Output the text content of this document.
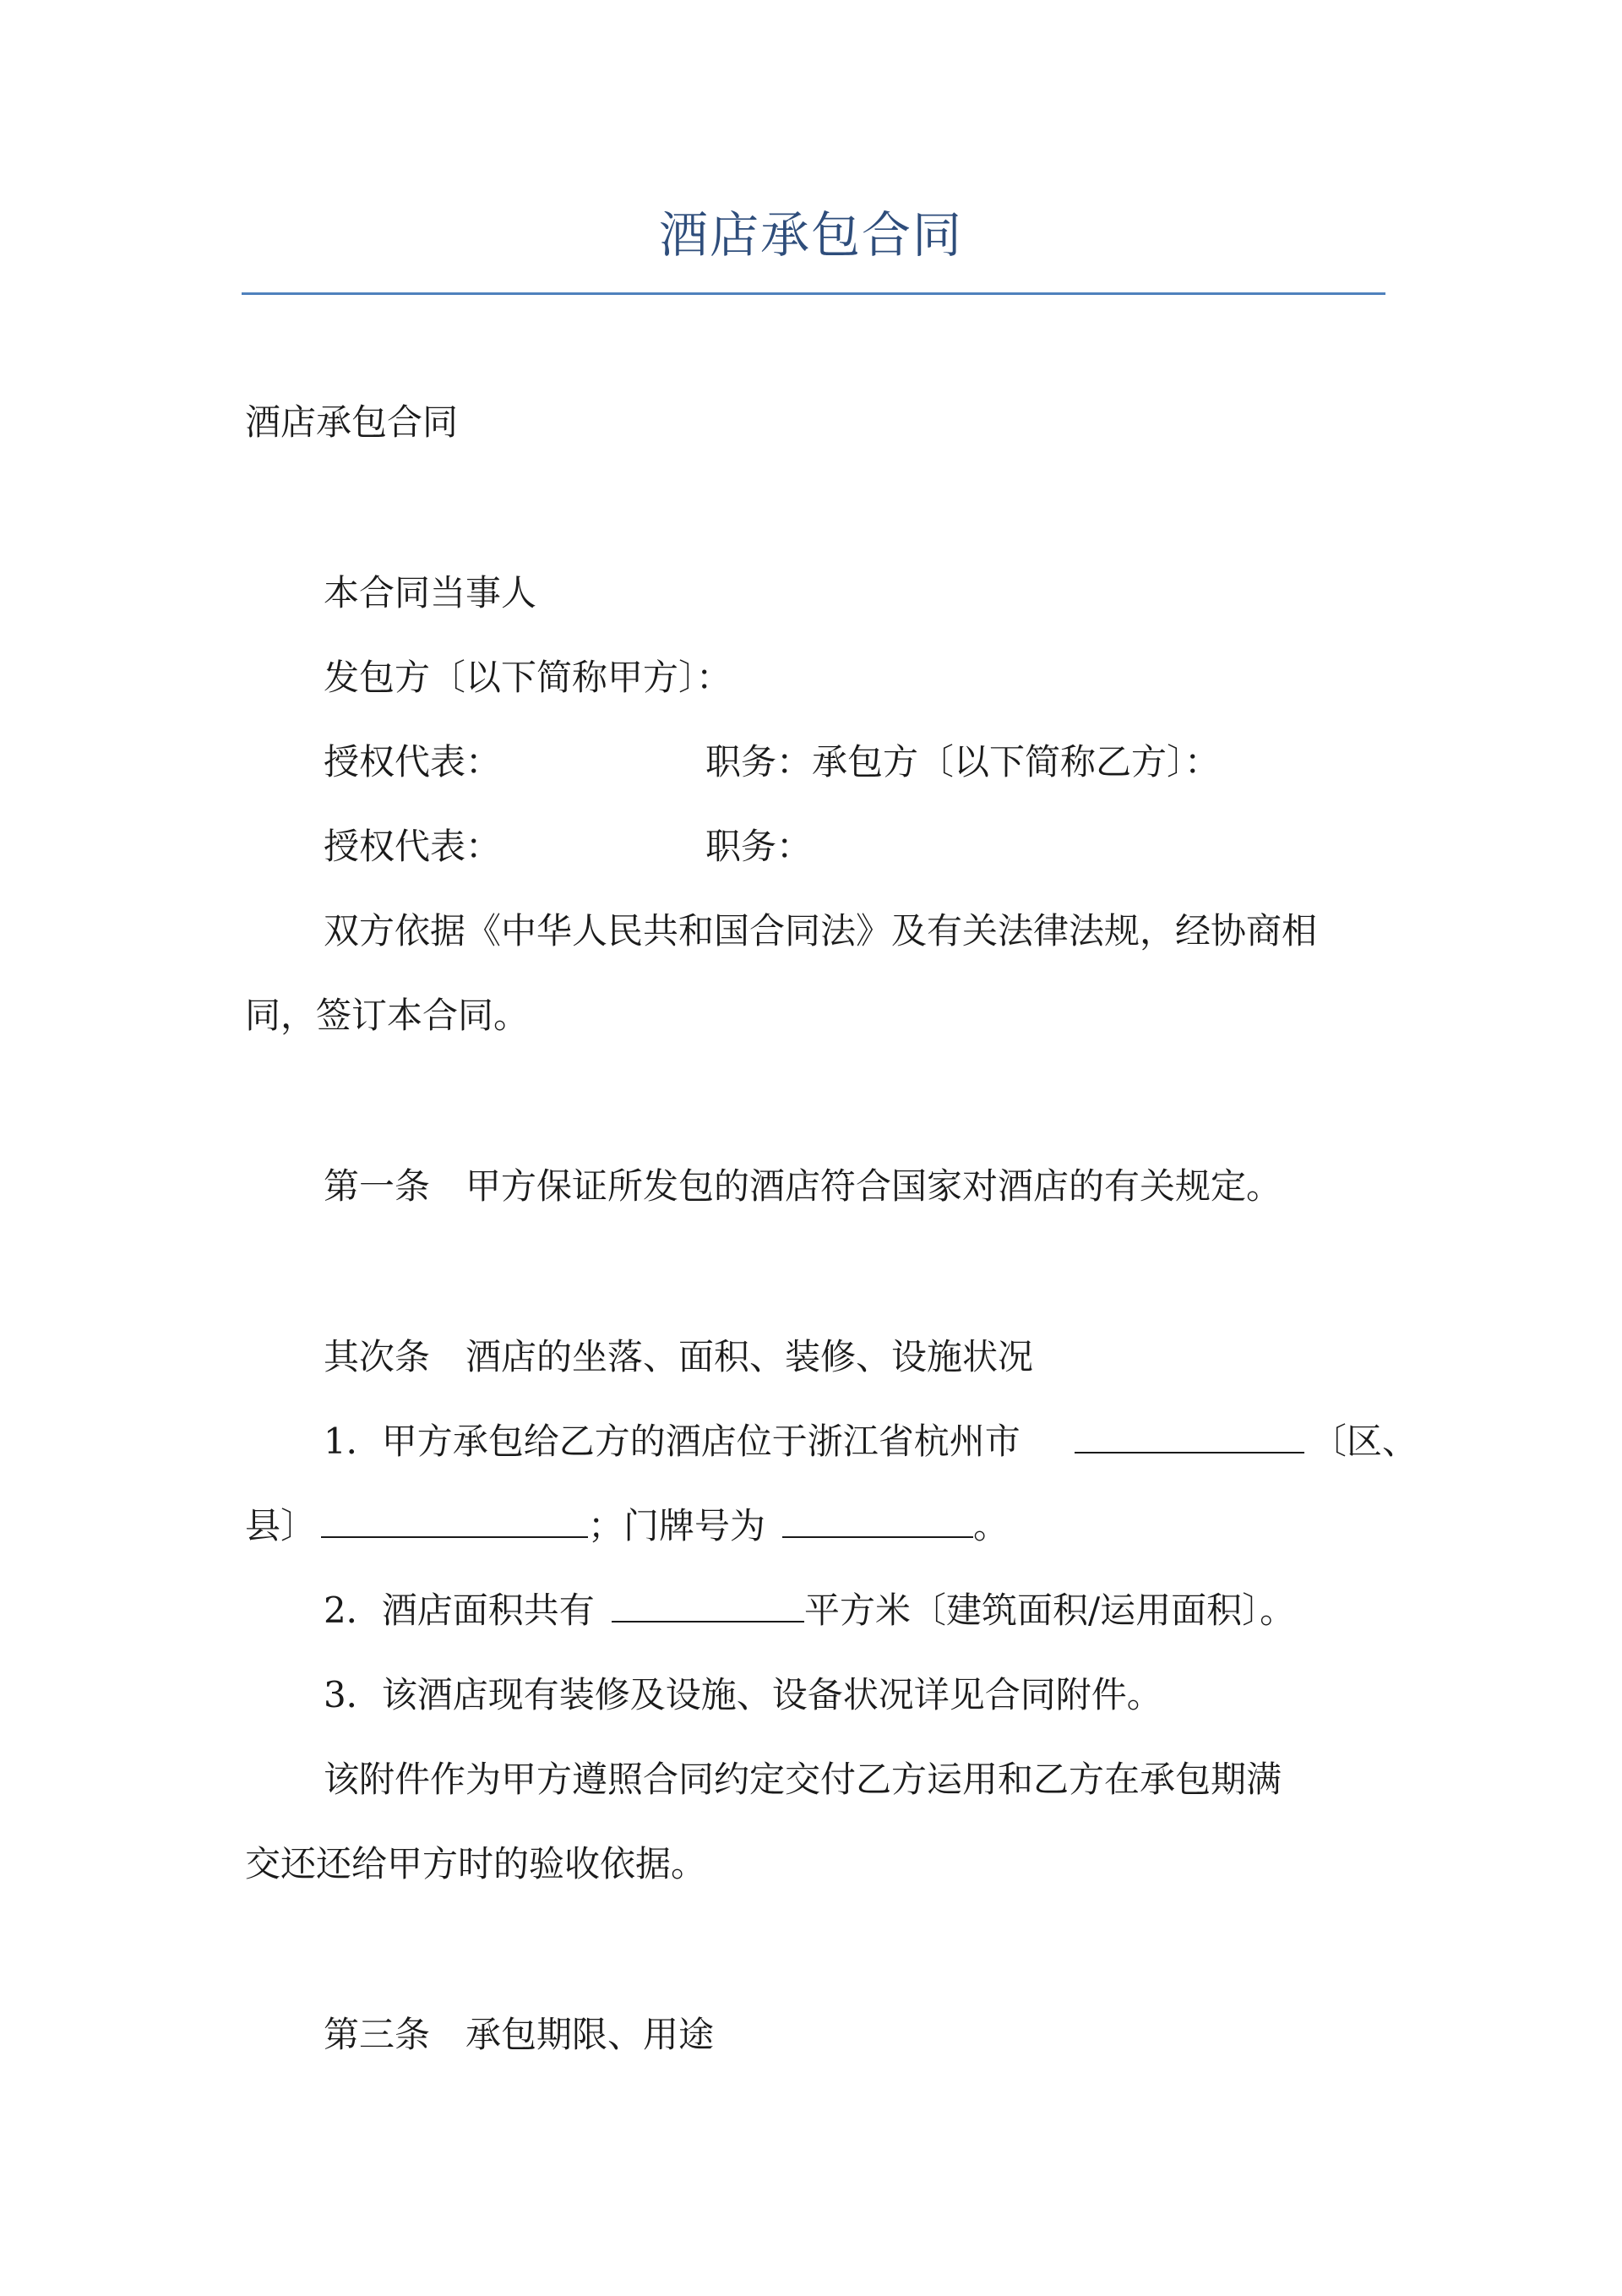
酒店承包合同
酒店承包合同
本合同当事人
发包方〔以下简称甲方〕：
授权代表：	职务：承包方〔以下简称乙方〕：
授权代表：	职务：
双方依据《中华人民共和国合同法》及有关法律法规，经协商相
同，签订本合同。
第一条　甲方保证所发包的酒店符合国家对酒店的有关规定。
其次条　酒店的坐落、面积、装修、设施状况
1．甲方承包给乙方的酒店位于浙江省杭州市	〔区、
县〕	；门牌号为	。
2．酒店面积共有	平方米〔建筑面积/运用面积〕。
3．该酒店现有装修及设施、设备状况详见合同附件。
该附件作为甲方遵照合同约定交付乙方运用和乙方在承包期满
交还还给甲方时的验收依据。
第三条　承包期限、用途
